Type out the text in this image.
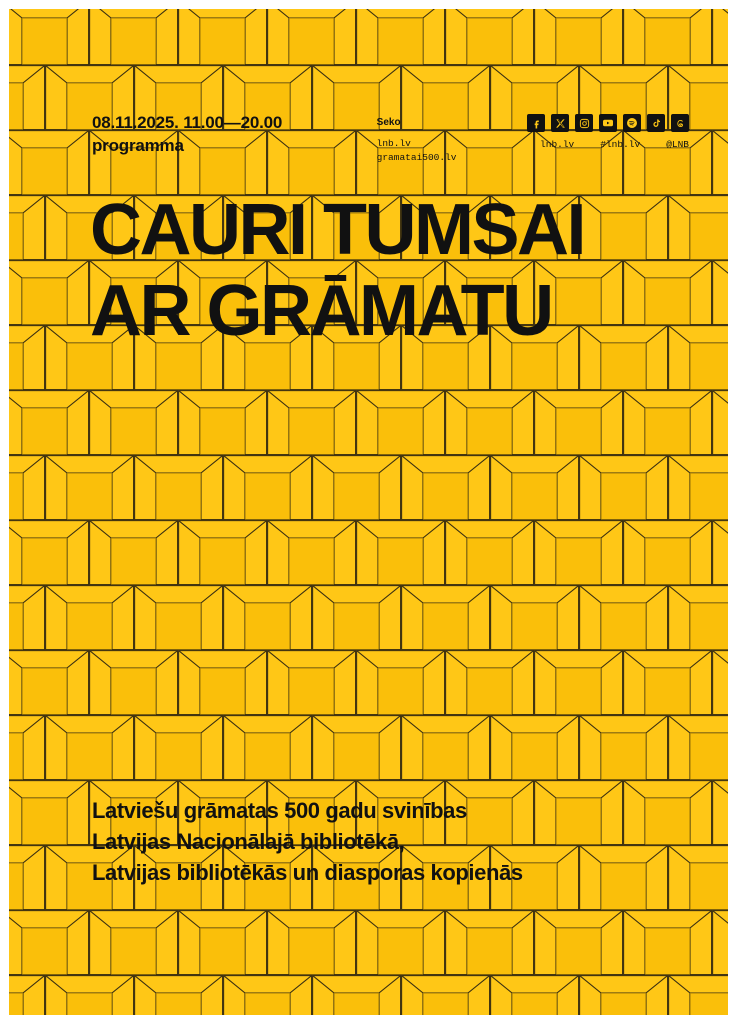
08.11.2025. 11.00—20.00
programma
Seko
lnb.lv
gramatai500.lv
lnb.lv	#lnb.lv	@LNB
CAURI TUMSAI
AR GRĀMATU
Latviešu grāmatas 500 gadu svinības
Latvijas Nacionālajā bibliotēkā,
Latvijas bibliotēkās un diasporas kopienās
